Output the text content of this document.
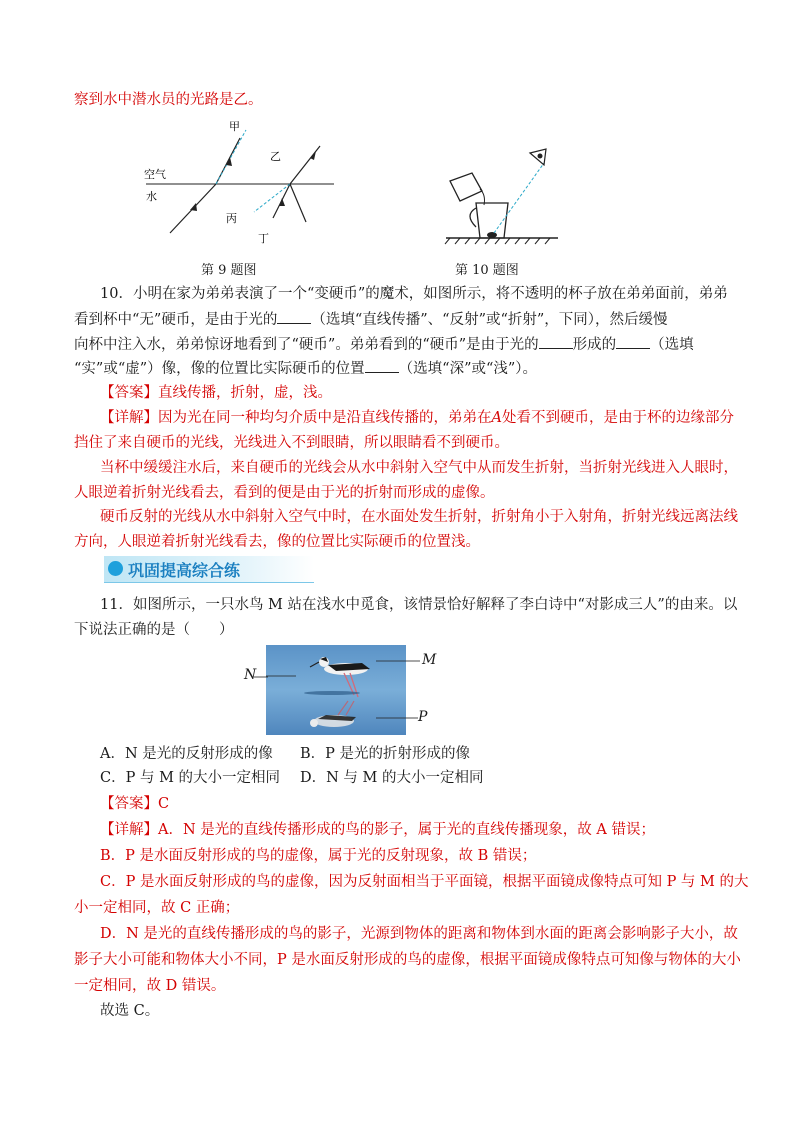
察到水中潜水员的光路是乙。
甲
乙
丙
丁
空气
水
第 9 题图	第 10 题图
10．小明在家为弟弟表演了一个“变硬币”的魔术，如图所示，将不透明的杯子放在弟弟面前，弟弟
看到杯中“无”硬币，是由于光的 （选填“直线传播”、“反射”或“折射”，下同），然后缓慢
向杯中注入水，弟弟惊讶地看到了“硬币”。弟弟看到的“硬币”是由于光的 形成的 （选填
“实”或“虚”）像，像的位置比实际硬币的位置 （选填“深”或“浅”）。
【答案】直线传播，折射，虚，浅。
【详解】因为光在同一种均匀介质中是沿直线传播的，弟弟在A处看不到硬币，是由于杯的边缘部分
挡住了来自硬币的光线，光线进入不到眼睛，所以眼睛看不到硬币。
当杯中缓缓注水后，来自硬币的光线会从水中斜射入空气中从而发生折射，当折射光线进入人眼时，
人眼逆着折射光线看去，看到的便是由于光的折射而形成的虚像。
硬币反射的光线从水中斜射入空气中时，在水面处发生折射，折射角小于入射角，折射光线远离法线
方向，人眼逆着折射光线看去，像的位置比实际硬币的位置浅。
巩固提高综合练
11．如图所示，一只水鸟 M 站在浅水中觅食，该情景恰好解释了李白诗中“对影成三人”的由来。以
下说法正确的是（　　）
N
M
P
A．N 是光的反射形成的像 B．P 是光的折射形成的像
C．P 与 M 的大小一定相同 D．N 与 M 的大小一定相同
【答案】C
【详解】A．N 是光的直线传播形成的鸟的影子，属于光的直线传播现象，故 A 错误；
B．P 是水面反射形成的鸟的虚像，属于光的反射现象，故 B 错误；
C．P 是水面反射形成的鸟的虚像，因为反射面相当于平面镜，根据平面镜成像特点可知 P 与 M 的大
小一定相同，故 C 正确；
D．N 是光的直线传播形成的鸟的影子，光源到物体的距离和物体到水面的距离会影响影子大小，故
影子大小可能和物体大小不同，P 是水面反射形成的鸟的虚像，根据平面镜成像特点可知像与物体的大小
一定相同，故 D 错误。
故选 C。
